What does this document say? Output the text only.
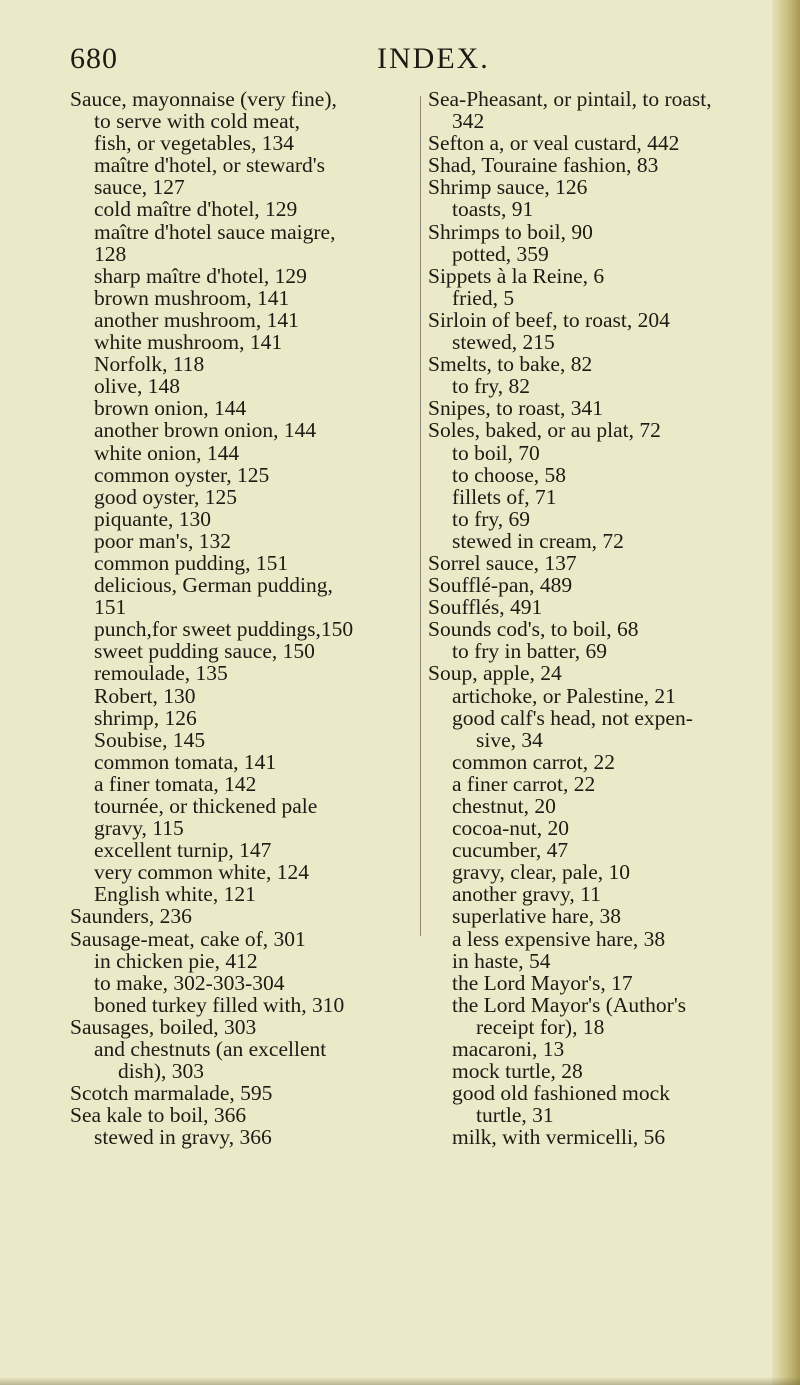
680	INDEX.
Sauce, mayonnaise (very fine),
to serve with cold meat,
fish, or vegetables, 134
maître d'hotel, or steward's
sauce, 127
cold maître d'hotel, 129
maître d'hotel sauce maigre,
128
sharp maître d'hotel, 129
brown mushroom, 141
another mushroom, 141
white mushroom, 141
Norfolk, 118
olive, 148
brown onion, 144
another brown onion, 144
white onion, 144
common oyster, 125
good oyster, 125
piquante, 130
poor man's, 132
common pudding, 151
delicious, German pudding,
151
punch,for sweet puddings,150
sweet pudding sauce, 150
remoulade, 135
Robert, 130
shrimp, 126
Soubise, 145
common tomata, 141
a finer tomata, 142
tournée, or thickened pale
gravy, 115
excellent turnip, 147
very common white, 124
English white, 121
Saunders, 236
Sausage-meat, cake of, 301
in chicken pie, 412
to make, 302-303-304
boned turkey filled with, 310
Sausages, boiled, 303
and chestnuts (an excellent
dish), 303
Scotch marmalade, 595
Sea kale to boil, 366
stewed in gravy, 366
Sea-Pheasant, or pintail, to roast,
342
Sefton a, or veal custard, 442
Shad, Touraine fashion, 83
Shrimp sauce, 126
toasts, 91
Shrimps to boil, 90
potted, 359
Sippets à la Reine, 6
fried, 5
Sirloin of beef, to roast, 204
stewed, 215
Smelts, to bake, 82
to fry, 82
Snipes, to roast, 341
Soles, baked, or au plat, 72
to boil, 70
to choose, 58
fillets of, 71
to fry, 69
stewed in cream, 72
Sorrel sauce, 137
Soufflé-pan, 489
Soufflés, 491
Sounds cod's, to boil, 68
to fry in batter, 69
Soup, apple, 24
artichoke, or Palestine, 21
good calf's head, not expen-
sive, 34
common carrot, 22
a finer carrot, 22
chestnut, 20
cocoa-nut, 20
cucumber, 47
gravy, clear, pale, 10
another gravy, 11
superlative hare, 38
a less expensive hare, 38
in haste, 54
the Lord Mayor's, 17
the Lord Mayor's (Author's
receipt for), 18
macaroni, 13
mock turtle, 28
good old fashioned mock
turtle, 31
milk, with vermicelli, 56
